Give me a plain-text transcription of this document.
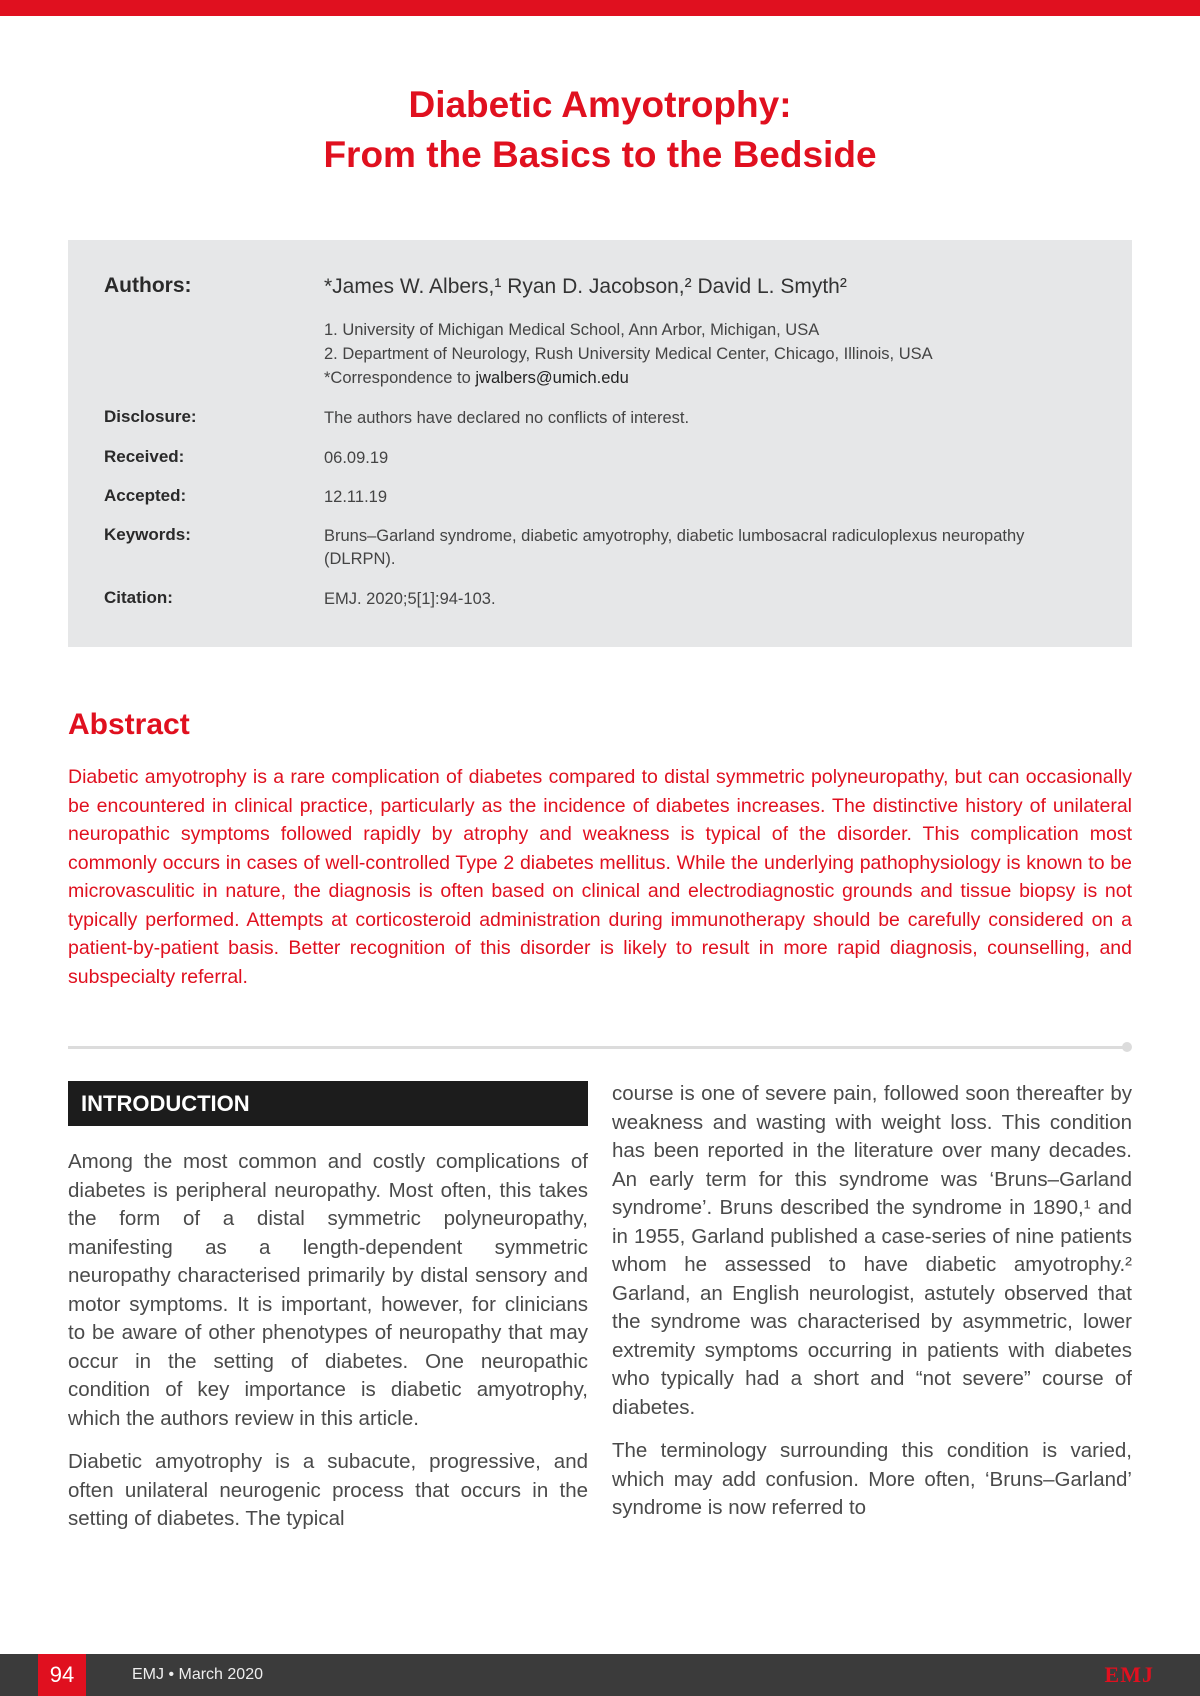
Diabetic Amyotrophy:
From the Basics to the Bedside
Authors:	*James W. Albers,¹ Ryan D. Jacobson,² David L. Smyth²
1. University of Michigan Medical School, Ann Arbor, Michigan, USA
2. Department of Neurology, Rush University Medical Center, Chicago, Illinois, USA
*Correspondence to jwalbers@umich.edu
Disclosure:	The authors have declared no conflicts of interest.
Received:	06.09.19
Accepted:	12.11.19
Keywords:	Bruns–Garland syndrome, diabetic amyotrophy, diabetic lumbosacral radiculoplexus neuropathy (DLRPN).
Citation:	EMJ. 2020;5[1]:94-103.
Abstract

Diabetic amyotrophy is a rare complication of diabetes compared to distal symmetric polyneuropathy, but can occasionally be encountered in clinical practice, particularly as the incidence of diabetes increases. The distinctive history of unilateral neuropathic symptoms followed rapidly by atrophy and weakness is typical of the disorder. This complication most commonly occurs in cases of well-controlled Type 2 diabetes mellitus. While the underlying pathophysiology is known to be microvasculitic in nature, the diagnosis is often based on clinical and electrodiagnostic grounds and tissue biopsy is not typically performed. Attempts at corticosteroid administration during immunotherapy should be carefully considered on a patient-by-patient basis. Better recognition of this disorder is likely to result in more rapid diagnosis, counselling, and subspecialty referral.

INTRODUCTION

Among the most common and costly complications of diabetes is peripheral neuropathy. Most often, this takes the form of a distal symmetric polyneuropathy, manifesting as a length-dependent symmetric neuropathy characterised primarily by distal sensory and motor symptoms. It is important, however, for clinicians to be aware of other phenotypes of neuropathy that may occur in the setting of diabetes. One neuropathic condition of key importance is diabetic amyotrophy, which the authors review in this article.

Diabetic amyotrophy is a subacute, progressive, and often unilateral neurogenic process that occurs in the setting of diabetes. The typical

course is one of severe pain, followed soon thereafter by weakness and wasting with weight loss. This condition has been reported in the literature over many decades. An early term for this syndrome was ‘Bruns–Garland syndrome’. Bruns described the syndrome in 1890,¹ and in 1955, Garland published a case-series of nine patients whom he assessed to have diabetic amyotrophy.² Garland, an English neurologist, astutely observed that the syndrome was characterised by asymmetric, lower extremity symptoms occurring in patients with diabetes who typically had a short and “not severe” course of diabetes.

The terminology surrounding this condition is varied, which may add confusion. More often, ‘Bruns–Garland’ syndrome is now referred to

94	EMJ • March 2020	EMJ
